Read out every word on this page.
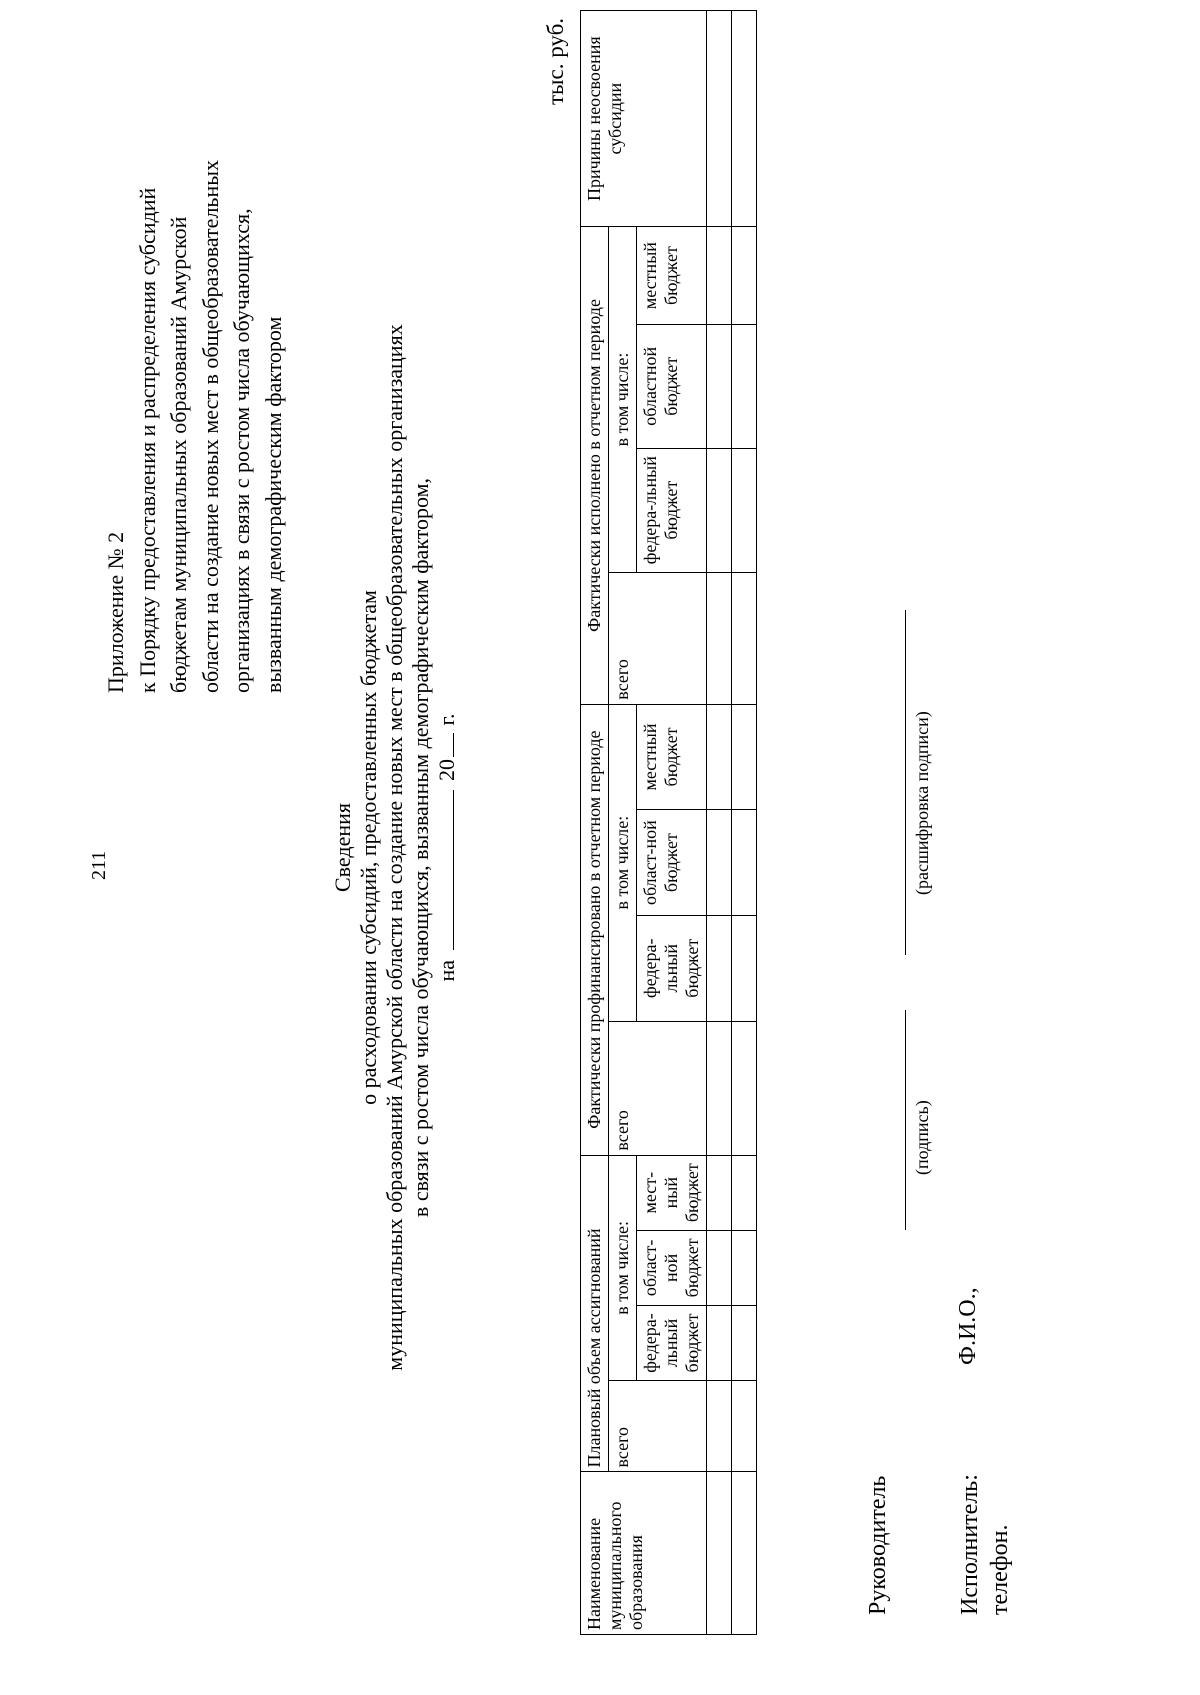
211
Приложение № 2 к Порядку предоставления и распределения субсидий бюджетам муниципальных образований Амурской области на создание новых мест в общеобразовательных организациях в связи с ростом числа обучающихся, вызванным демографическим фактором
Сведения о расходовании субсидий, предоставленных бюджетам муниципальных образований Амурской области на создание новых мест в общеобразовательных организациях в связи с ростом числа обучающихся, вызванным демографическим фактором, на  20 г.
тыс. руб.
Наименование муниципального образования	Плановый объем ассигнований				Фактически профинансировано в отчетном периоде				Фактически исполнено в отчетном периоде				Причины неосвоения субсидии
	всего	в том числе:			всего	в том числе:			всего	в том числе:			
		федера-льный бюджет	област-ной бюджет	мест-ный бюджет		федера-льный бюджет	област-ной бюджет	местный бюджет		федера-льный бюджет	областной бюджет	местный бюджет	

Руководитель
(подпись)
(расшифровка подписи)
Исполнитель: телефон.
Ф.И.О.,
